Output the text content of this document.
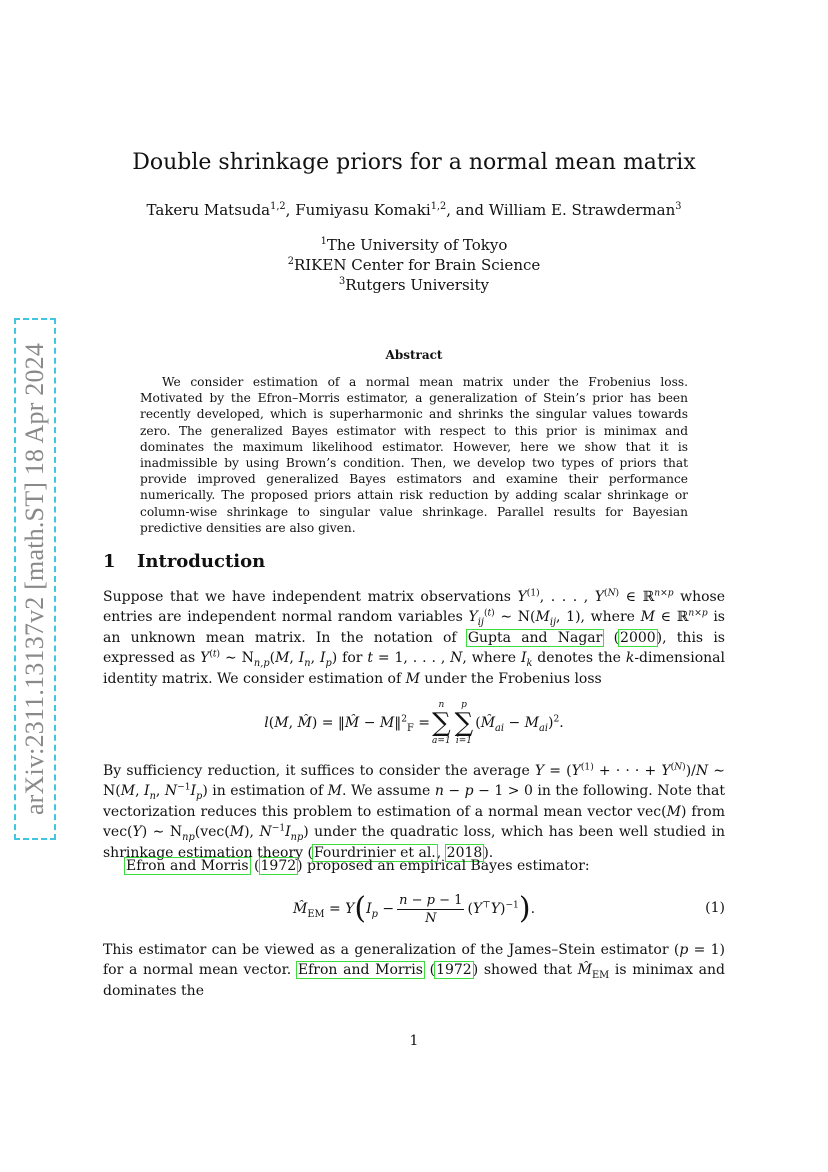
arXiv:2311.13137v2 [math.ST] 18 Apr 2024
Double shrinkage priors for a normal mean matrix
Takeru Matsuda$^{1,2}$, Fumiyasu Komaki$^{1,2}$, and William E. Strawderman$^3$
$^1$The University of Tokyo
$^2$RIKEN Center for Brain Science
$^3$Rutgers University
Abstract
We consider estimation of a normal mean matrix under the Frobenius loss. Motivated by the Efron–Morris estimator, a generalization of Stein’s prior has been recently developed, which is superharmonic and shrinks the singular values towards zero. The generalized Bayes estimator with respect to this prior is minimax and dominates the maximum likelihood estimator. However, here we show that it is inadmissible by using Brown’s condition. Then, we develop two types of priors that provide improved generalized Bayes estimators and examine their performance numerically. The proposed priors attain risk reduction by adding scalar shrinkage or column-wise shrinkage to singular value shrinkage. Parallel results for Bayesian predictive densities are also given.
1 Introduction
Suppose that we have independent matrix observations $Y^{(1)}$, . . . , $Y^{(N)}$ ∈ ℝ$^{n\times p}$ whose entries are independent normal random variables $Y_{ij}^{(t)}$ ∼ $N(M_{ij}$, 1), where M ∈ ℝ$^{n\times p}$ is an unknown mean matrix. In the notation of Gupta and Nagar (2000), this is expressed as $Y^{(t)}$ ∼ $N_{n,p}(M$, $I_n$, $I_p$) for t = 1, . . . , N, where $I_k$ denotes the k-dimensional identity matrix. We consider estimation of M under the Frobenius loss
l(M, M̂) = ‖M̂ − M‖$^2_F$ =
n
∑
a=1
p
∑
i=1
$(M̂_{ai} - M_{ai})^2$.
By sufficiency reduction, it suffices to consider the average $Y = (Y^{(1)}$ + · · · + $Y^{(N)})/N$ ∼ N(M, $I_n$, $N^{-1}I_p$) in estimation of M. We assume n − p − 1 > 0 in the following. Note that vectorization reduces this problem to estimation of a normal mean vector vec(M) from vec(Y) ∼ $N_{np}(vec(M)$, $N^{-1}I_{np}$) under the quadratic loss, which has been well studied in shrinkage estimation theory (Fourdrinier et al., 2018).
Efron and Morris (1972) proposed an empirical Bayes estimator:
$M̂_{EM} = Y$ ( $I_p - \frac{n - p - 1}{N} (Y^⊤Y)^{-1}$ ) .	(1)
This estimator can be viewed as a generalization of the James–Stein estimator (p = 1) for a normal mean vector. Efron and Morris (1972) showed that $M̂_{EM}$ is minimax and dominates the
1
